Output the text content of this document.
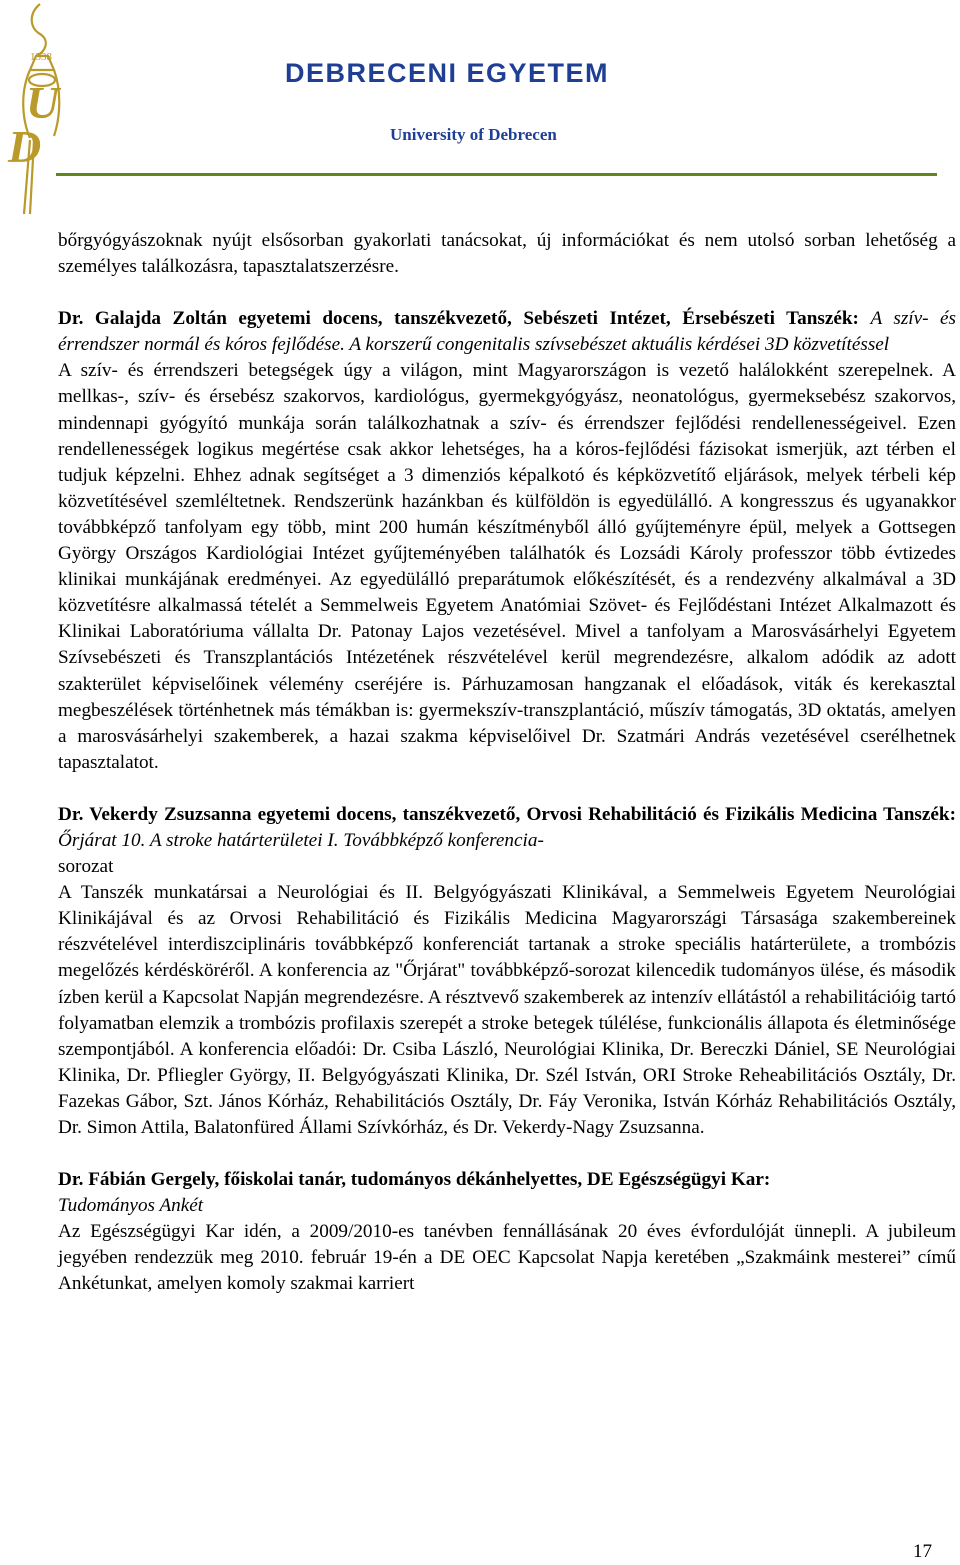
U
D
1538
DEBRECENI EGYETEM
University of Debrecen

bőrgyógyászoknak nyújt elsősorban gyakorlati tanácsokat, új információkat és nem utolsó sorban lehetőség a személyes találkozásra, tapasztalatszerzésre.

Dr. Galajda Zoltán egyetemi docens, tanszékvezető, Sebészeti Intézet, Érsebészeti Tanszék: A szív- és érrendszer normál és kóros fejlődése. A korszerű congenitalis szívsebészet aktuális kérdései 3D közvetítéssel

A szív- és érrendszeri betegségek úgy a világon, mint Magyarországon is vezető halálokként szerepelnek. A mellkas-, szív- és érsebész szakorvos, kardiológus, gyermekgyógyász, neonatológus, gyermeksebész szakorvos, mindennapi gyógyító munkája során találkozhatnak a szív- és érrendszer fejlődési rendellenességeivel. Ezen rendellenességek logikus megértése csak akkor lehetséges, ha a kóros-fejlődési fázisokat ismerjük, azt térben el tudjuk képzelni. Ehhez adnak segítséget a 3 dimenziós képalkotó és képközvetítő eljárások, melyek térbeli kép közvetítésével szemléltetnek. Rendszerünk hazánkban és külföldön is egyedülálló. A kongresszus és ugyanakkor továbbképző tanfolyam egy több, mint 200 humán készítményből álló gyűjteményre épül, melyek a Gottsegen György Országos Kardiológiai Intézet gyűjteményében találhatók és Lozsádi Károly professzor több évtizedes klinikai munkájának eredményei. Az egyedülálló preparátumok előkészítését, és a rendezvény alkalmával a 3D közvetítésre alkalmassá tételét a Semmelweis Egyetem Anatómiai Szövet- és Fejlődéstani Intézet Alkalmazott és Klinikai Laboratóriuma vállalta Dr. Patonay Lajos vezetésével. Mivel a tanfolyam a Marosvásárhelyi Egyetem Szívsebészeti és Transzplantációs Intézetének részvételével kerül megrendezésre, alkalom adódik az adott szakterület képviselőinek vélemény cseréjére is. Párhuzamosan hangzanak el előadások, viták és kerekasztal megbeszélések történhetnek más témákban is: gyermekszív-transzplantáció, műszív támogatás, 3D oktatás, amelyen a marosvásárhelyi szakemberek, a hazai szakma képviselőivel Dr. Szatmári András vezetésével cserélhetnek tapasztalatot.

Dr. Vekerdy Zsuzsanna egyetemi docens, tanszékvezető, Orvosi Rehabilitáció és Fizikális Medicina Tanszék: Őrjárat 10. A stroke határterületei I. Továbbképző konferencia-
sorozat

A Tanszék munkatársai a Neurológiai és II. Belgyógyászati Klinikával, a Semmelweis Egyetem Neurológiai Klinikájával és az Orvosi Rehabilitáció és Fizikális Medicina Magyarországi Társasága szakembereinek részvételével interdiszciplináris továbbképző konferenciát tartanak a stroke speciális határterülete, a trombózis megelőzés kérdésköréről. A konferencia az "Őrjárat" továbbképző-sorozat kilencedik tudományos ülése, és második ízben kerül a Kapcsolat Napján megrendezésre. A résztvevő szakemberek az intenzív ellátástól a rehabilitációig tartó folyamatban elemzik a trombózis profilaxis szerepét a stroke betegek túlélése, funkcionális állapota és életminősége szempontjából. A konferencia előadói: Dr. Csiba László, Neurológiai Klinika, Dr. Bereczki Dániel, SE Neurológiai Klinika, Dr. Pfliegler György, II. Belgyógyászati Klinika, Dr. Szél István, ORI Stroke Reheabilitációs Osztály, Dr. Fazekas Gábor, Szt. János Kórház, Rehabilitációs Osztály, Dr. Fáy Veronika, István Kórház Rehabilitációs Osztály, Dr. Simon Attila, Balatonfüred Állami Szívkórház, és Dr. Vekerdy-Nagy Zsuzsanna.

Dr. Fábián Gergely, főiskolai tanár, tudományos dékánhelyettes, DE Egészségügyi Kar:
Tudományos Ankét

Az Egészségügyi Kar idén, a 2009/2010-es tanévben fennállásának 20 éves évfordulóját ünnepli. A jubileum jegyében rendezzük meg 2010. február 19-én a DE OEC Kapcsolat Napja keretében „Szakmáink mesterei” című Ankétunkat, amelyen komoly szakmai karriert

17
